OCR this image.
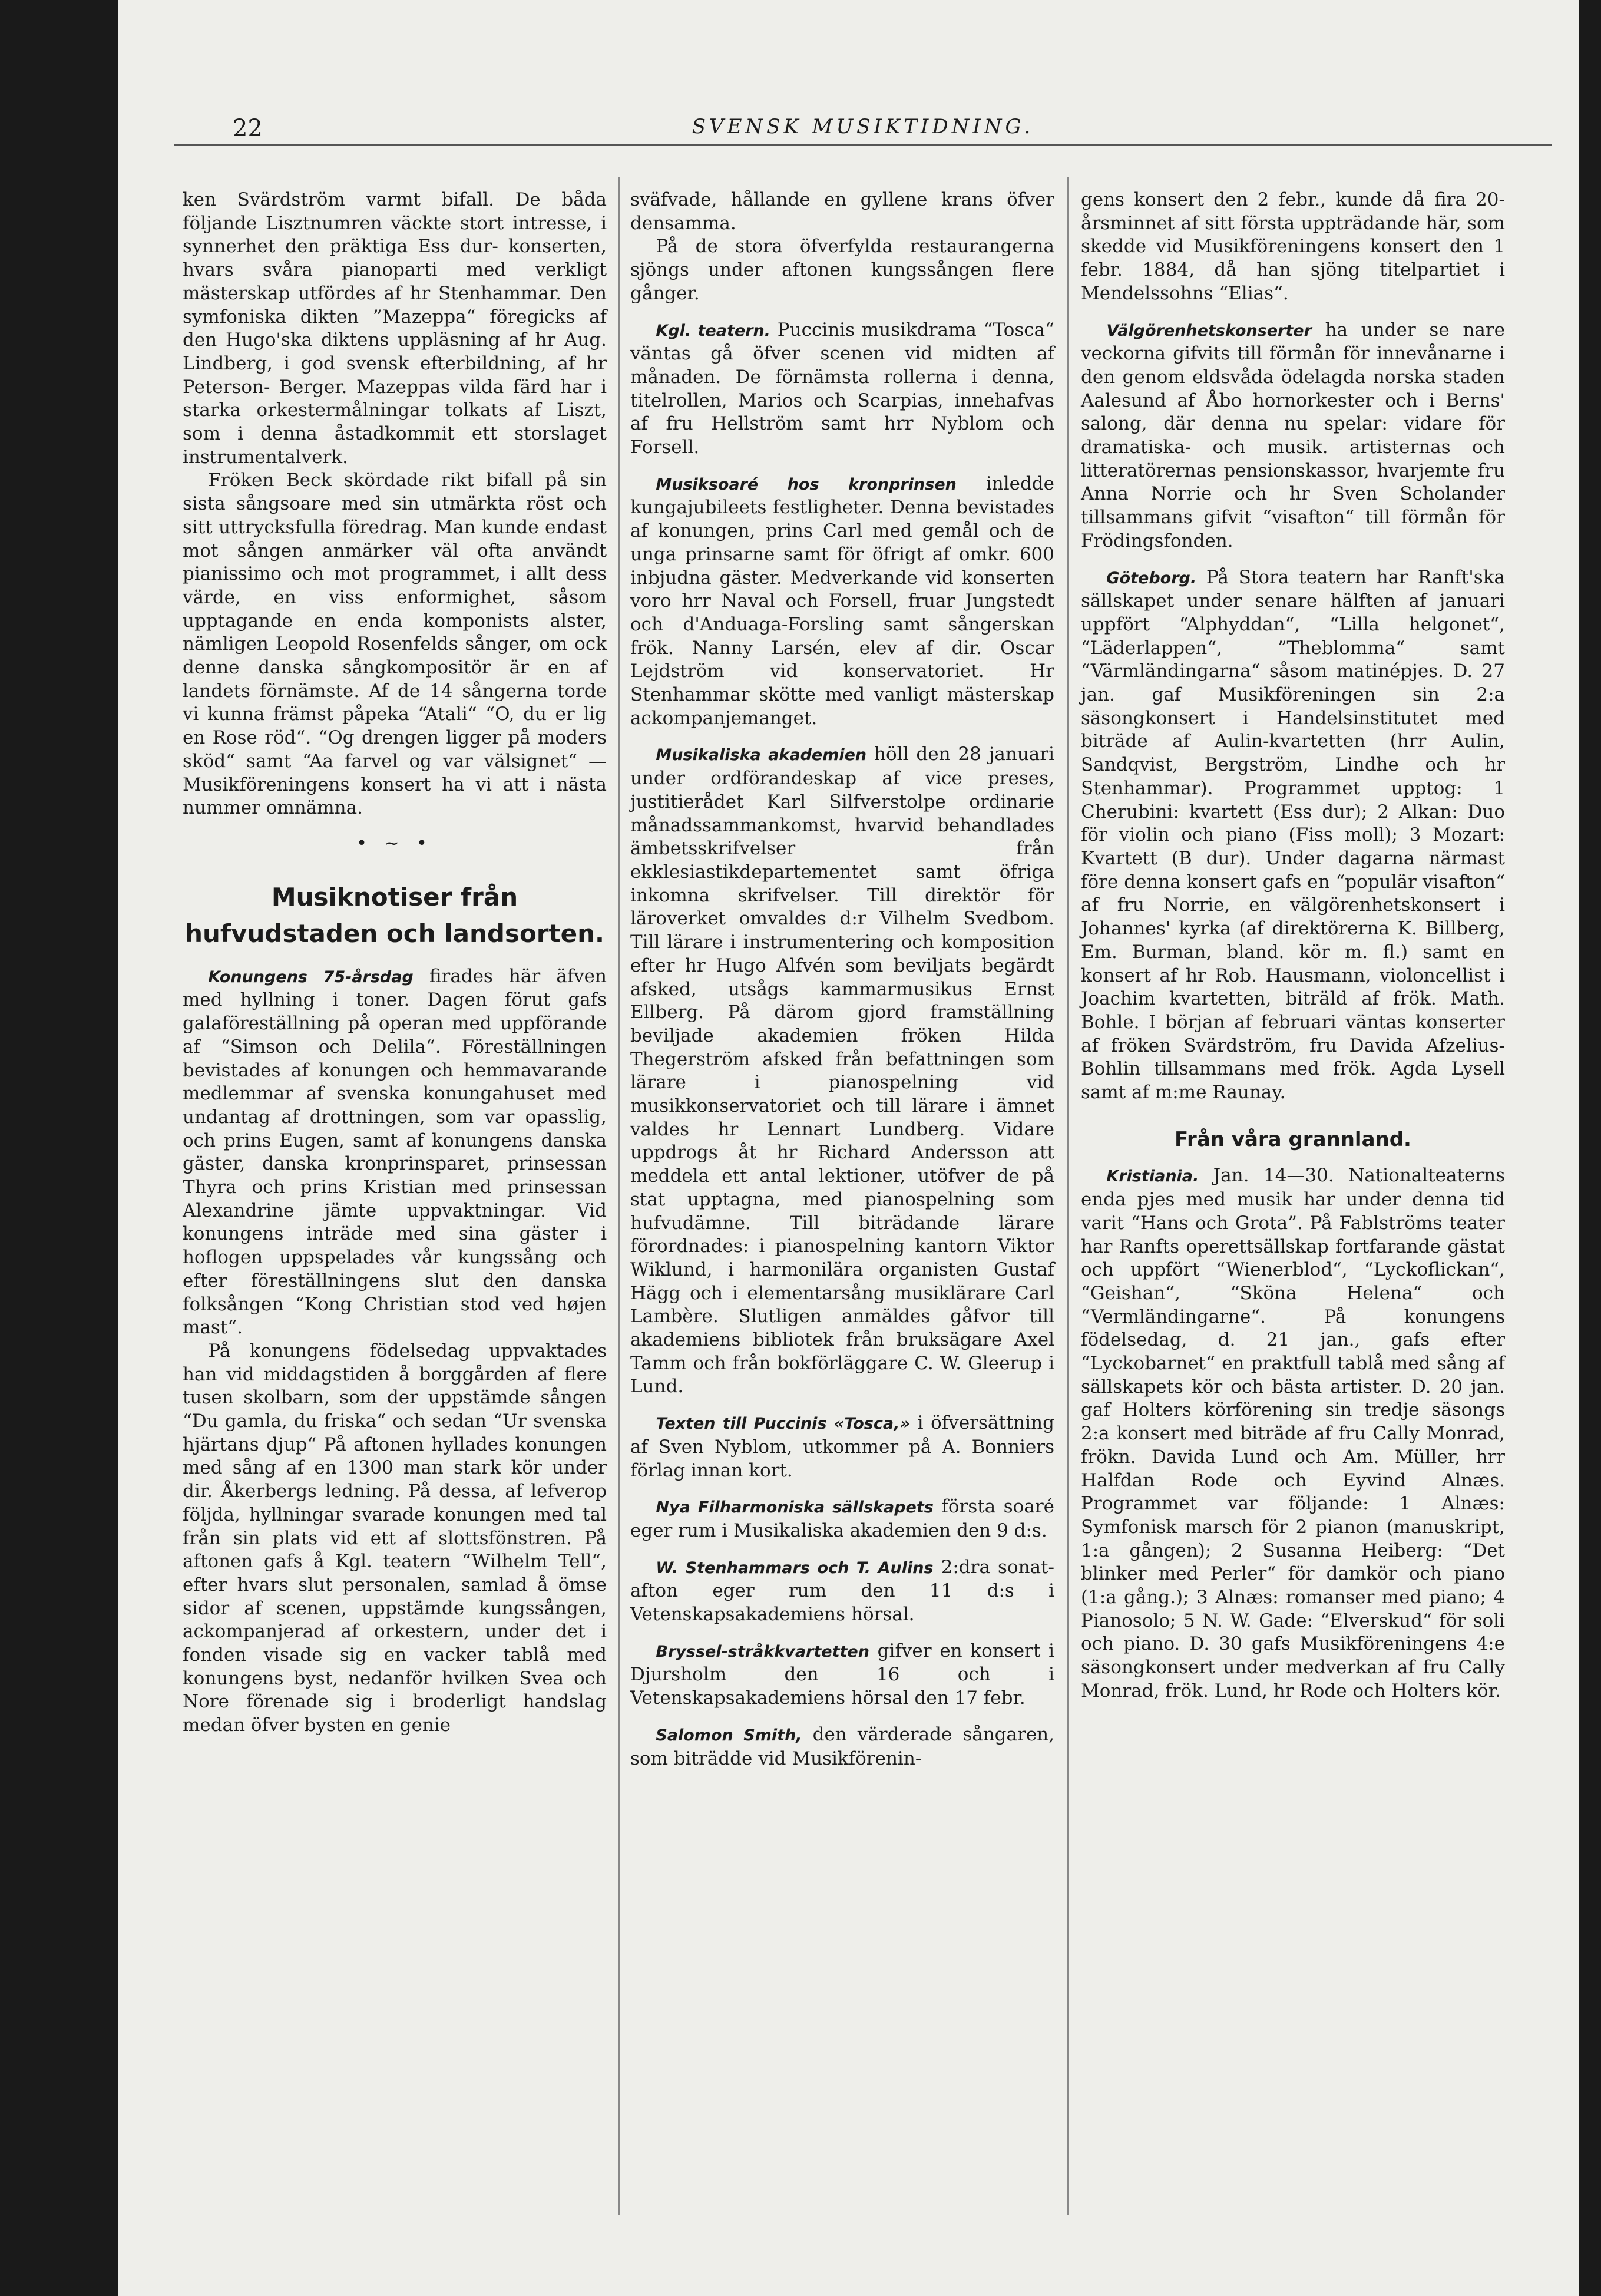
22	SVENSK MUSIKTIDNING.

ken Svärdström varmt bifall. De båda följande Lisztnumren väckte stort intresse, i synnerhet den präktiga Ess dur- konserten, hvars svåra pianoparti med verkligt mästerskap utfördes af hr Stenhammar. Den symfoniska dikten ”Mazeppa“ föregicks af den Hugo'ska diktens uppläsning af hr Aug. Lindberg, i god svensk efterbildning, af hr Peterson- Berger. Mazeppas vilda färd har i starka orkestermålningar tolkats af Liszt, som i denna åstadkommit ett storslaget instrumentalverk.

Fröken Beck skördade rikt bifall på sin sista sångsoare med sin utmärkta röst och sitt uttrycksfulla föredrag. Man kunde endast mot sången anmärker väl ofta användt pianissimo och mot programmet, i allt dess värde, en viss enformighet, såsom upptagande en enda komponists alster, nämligen Leopold Rosenfelds sånger, om ock denne danska sångkompositör är en af landets förnämste. Af de 14 sångerna torde vi kunna främst påpeka “Atali“ “O, du er lig en Rose röd“. “Og drengen ligger på moders sköd“ samt “Aa farvel og var välsignet“ — Musikföreningens konsert ha vi att i nästa nummer omnämna.

• ~ •
Musiknotiser från hufvudstaden och landsorten.

Konungens 75-årsdag firades här äfven med hyllning i toner. Dagen förut gafs galaföreställning på operan med uppförande af “Simson och Delila“. Föreställningen bevistades af konungen och hemmavarande medlemmar af svenska konungahuset med undantag af drottningen, som var opasslig, och prins Eugen, samt af konungens danska gäster, danska kronprinsparet, prinsessan Thyra och prins Kristian med prinsessan Alexandrine jämte uppvaktningar. Vid konungens inträde med sina gäster i hoflogen uppspelades vår kungssång och efter föreställningens slut den danska folksången “Kong Christian stod ved højen mast“.

På konungens födelsedag uppvaktades han vid middagstiden å borggården af flere tusen skolbarn, som der uppstämde sången “Du gamla, du friska“ och sedan “Ur svenska hjärtans djup“ På aftonen hyllades konungen med sång af en 1300 man stark kör under dir. Åkerbergs ledning. På dessa, af lefverop följda, hyllningar svarade konungen med tal från sin plats vid ett af slottsfönstren. På aftonen gafs å Kgl. teatern “Wilhelm Tell“, efter hvars slut personalen, samlad å ömse sidor af scenen, uppstämde kungssången, ackompanjerad af orkestern, under det i fonden visade sig en vacker tablå med konungens byst, nedanför hvilken Svea och Nore förenade sig i broderligt handslag medan öfver bysten en genie

sväfvade, hållande en gyllene krans öfver densamma.

På de stora öfverfylda restaurangerna sjöngs under aftonen kungssången flere gånger.

Kgl. teatern. Puccinis musikdrama “Tosca“ väntas gå öfver scenen vid midten af månaden. De förnämsta rollerna i denna, titelrollen, Marios och Scarpias, innehafvas af fru Hellström samt hrr Nyblom och Forsell.

Musiksoaré hos kronprinsen inledde kungajubileets festligheter. Denna bevistades af konungen, prins Carl med gemål och de unga prinsarne samt för öfrigt af omkr. 600 inbjudna gäster. Medverkande vid konserten voro hrr Naval och Forsell, fruar Jungstedt och d'Anduaga-Forsling samt sångerskan frök. Nanny Larsén, elev af dir. Oscar Lejdström vid konservatoriet. Hr Stenhammar skötte med vanligt mästerskap ackompanjemanget.

Musikaliska akademien höll den 28 januari under ordförandeskap af vice preses, justitierådet Karl Silfverstolpe ordinarie månadssammankomst, hvarvid behandlades ämbetsskrifvelser från ekklesiastikdepartementet samt öfriga inkomna skrifvelser. Till direktör för läroverket omvaldes d:r Vilhelm Svedbom. Till lärare i instrumentering och komposition efter hr Hugo Alfvén som beviljats begärdt afsked, utsågs kammarmusikus Ernst Ellberg. På därom gjord framställning beviljade akademien fröken Hilda Thegerström afsked från befattningen som lärare i pianospelning vid musikkonservatoriet och till lärare i ämnet valdes hr Lennart Lundberg. Vidare uppdrogs åt hr Richard Andersson att meddela ett antal lektioner, utöfver de på stat upptagna, med pianospelning som hufvudämne. Till biträdande lärare förordnades: i pianospelning kantorn Viktor Wiklund, i harmonilära organisten Gustaf Hägg och i elementarsång musiklärare Carl Lambère. Slutligen anmäldes gåfvor till akademiens bibliotek från bruksägare Axel Tamm och från bokförläggare C. W. Gleerup i Lund.

Texten till Puccinis «Tosca,» i öfversättning af Sven Nyblom, utkommer på A. Bonniers förlag innan kort.

Nya Filharmoniska sällskapets första soaré eger rum i Musikaliska akademien den 9 d:s.

W. Stenhammars och T. Aulins 2:dra sonat-afton eger rum den 11 d:s i Vetenskapsakademiens hörsal.

Bryssel-stråkkvartetten gifver en konsert i Djursholm den 16 och i Vetenskapsakademiens hörsal den 17 febr.

Salomon Smith, den värderade sångaren, som biträdde vid Musikförenin-

gens konsert den 2 febr., kunde då fira 20-årsminnet af sitt första uppträdande här, som skedde vid Musikföreningens konsert den 1 febr. 1884, då han sjöng titelpartiet i Mendelssohns “Elias“.

Välgörenhetskonserter ha under se nare veckorna gifvits till förmån för innevånarne i den genom eldsvåda ödelagda norska staden Aalesund af Åbo hornorkester och i Berns' salong, där denna nu spelar: vidare för dramatiska- och musik. artisternas och litteratörernas pensionskassor, hvarjemte fru Anna Norrie och hr Sven Scholander tillsammans gifvit “visafton“ till förmån för Frödingsfonden.

Göteborg. På Stora teatern har Ranft'ska sällskapet under senare hälften af januari uppfört “Alphyddan“, “Lilla helgonet“, “Läderlappen“, ”Theblomma“ samt “Värmländingarna“ såsom matinépjes. D. 27 jan. gaf Musikföreningen sin 2:a säsongkonsert i Handelsinstitutet med biträde af Aulin-kvartetten (hrr Aulin, Sandqvist, Bergström, Lindhe och hr Stenhammar). Programmet upptog: 1 Cherubini: kvartett (Ess dur); 2 Alkan: Duo för violin och piano (Fiss moll); 3 Mozart: Kvartett (B dur). Under dagarna närmast före denna konsert gafs en “populär visafton“ af fru Norrie, en välgörenhetskonsert i Johannes' kyrka (af direktörerna K. Billberg, Em. Burman, bland. kör m. fl.) samt en konsert af hr Rob. Hausmann, violoncellist i Joachim kvartetten, biträld af frök. Math. Bohle. I början af februari väntas konserter af fröken Svärdström, fru Davida Afzelius-Bohlin tillsammans med frök. Agda Lysell samt af m:me Raunay.

Från våra grannland.

Kristiania. Jan. 14—30. Nationalteaterns enda pjes med musik har under denna tid varit “Hans och Grota”. På Fablströms teater har Ranfts operettsällskap fortfarande gästat och uppfört “Wienerblod“, “Lyckoflickan“, “Geishan“, “Sköna Helena“ och “Vermländingarne“. På konungens födelsedag, d. 21 jan., gafs efter “Lyckobarnet“ en praktfull tablå med sång af sällskapets kör och bästa artister. D. 20 jan. gaf Holters körförening sin tredje säsongs 2:a konsert med biträde af fru Cally Monrad, frökn. Davida Lund och Am. Müller, hrr Halfdan Rode och Eyvind Alnæs. Programmet var följande: 1 Alnæs: Symfonisk marsch för 2 pianon (manuskript, 1:a gången); 2 Susanna Heiberg: “Det blinker med Perler“ för damkör och piano (1:a gång.); 3 Alnæs: romanser med piano; 4 Pianosolo; 5 N. W. Gade: “Elverskud“ för soli och piano. D. 30 gafs Musikföreningens 4:e säsongkonsert under medverkan af fru Cally Monrad, frök. Lund, hr Rode och Holters kör.
